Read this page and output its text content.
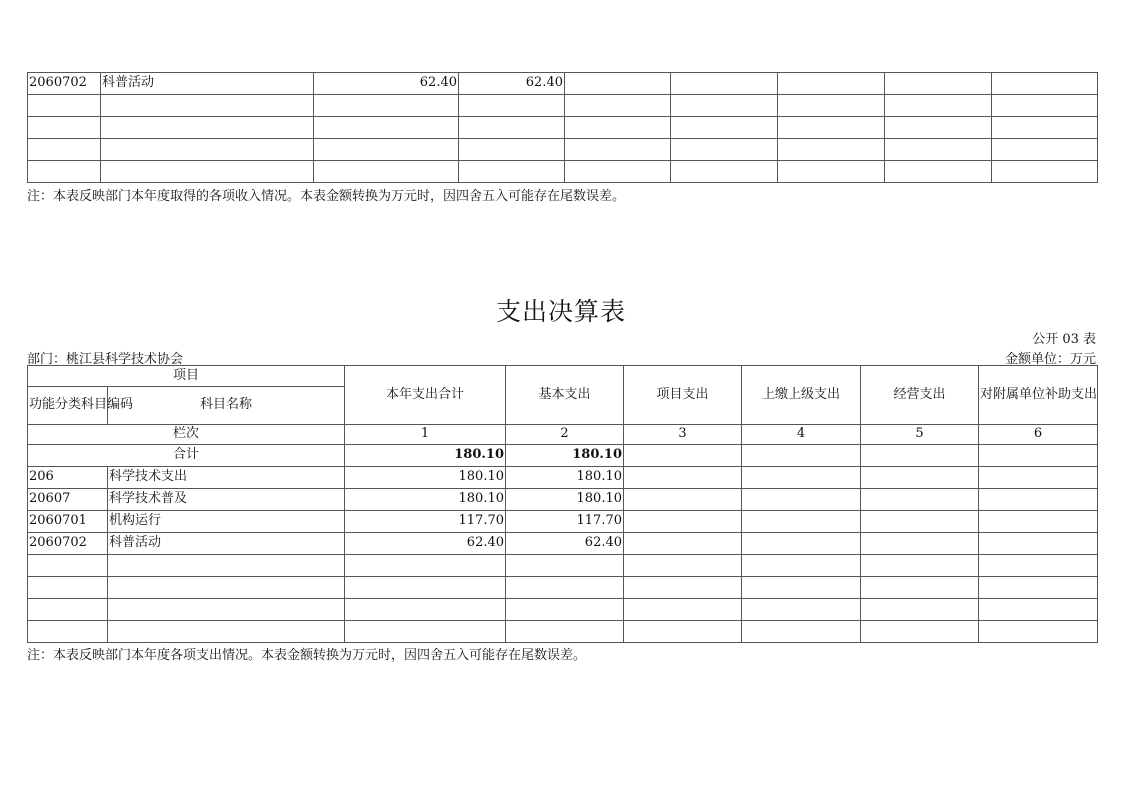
2060702	科普活动	62.40	62.40					

注：本表反映部门本年度取得的各项收入情况。本表金额转换为万元时，因四舍五入可能存在尾数误差。
支出决算表
公开 03 表
部门：桃江县科学技术协会	金额单位：万元
项目		本年支出合计	基本支出	项目支出	上缴上级支出	经营支出	对附属单位补助支出
功能分类科目编码	科目名称						
栏次		1	2	3	4	5	6
合计		180.10	180.10				
206	科学技术支出	180.10	180.10				
20607	科学技术普及	180.10	180.10				
2060701	机构运行	117.70	117.70				
2060702	科普活动	62.40	62.40				

注：本表反映部门本年度各项支出情况。本表金额转换为万元时，因四舍五入可能存在尾数误差。
